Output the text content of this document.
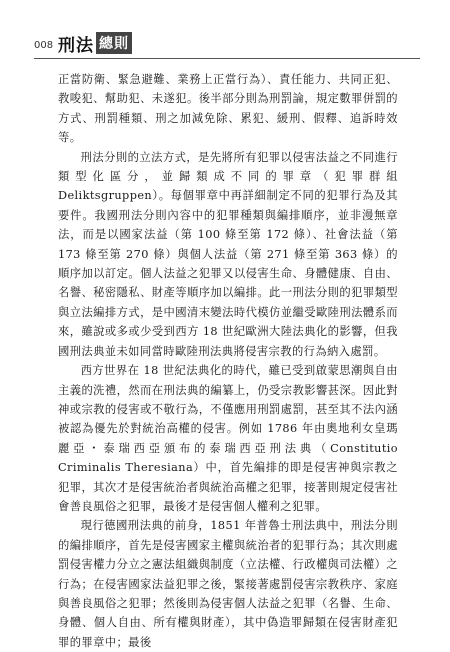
008 刑法 總則

正當防衛、緊急避難、業務上正當行為）、責任能力、共同正犯、教唆犯、幫助犯、未遂犯。後半部分則為刑罰論，規定數罪併罰的方式、刑罰種類、刑之加減免除、累犯、緩刑、假釋、追訴時效等。

刑法分則的立法方式，是先將所有犯罪以侵害法益之不同進行類型化區分，並歸類成不同的罪章（犯罪群組 Deliktsgruppen）。每個罪章中再詳細制定不同的犯罪行為及其要件。我國刑法分則內容中的犯罪種類與編排順序，並非漫無章法，而是以國家法益（第 100 條至第 172 條）、社會法益（第 173 條至第 270 條）與個人法益（第 271 條至第 363 條）的順序加以訂定。個人法益之犯罪又以侵害生命、身體健康、自由、名譽、秘密隱私、財產等順序加以編排。此一刑法分則的犯罪類型與立法編排方式，是中國清末變法時代模仿並繼受歐陸刑法體系而來，雖說或多或少受到西方 18 世紀歐洲大陸法典化的影響，但我國刑法典並未如同當時歐陸刑法典將侵害宗教的行為納入處罰。

西方世界在 18 世紀法典化的時代，雖已受到啟蒙思潮與自由主義的洗禮，然而在刑法典的編纂上，仍受宗教影響甚深。因此對神或宗教的侵害或不敬行為，不僅應用刑罰處罰，甚至其不法內涵被認為優先於對統治高權的侵害。例如 1786 年由奧地利女皇瑪麗亞・泰瑞西亞頒布的泰瑞西亞刑法典（Constitutio Criminalis Theresiana）中，首先編排的即是侵害神與宗教之犯罪，其次才是侵害統治者與統治高權之犯罪，接著則規定侵害社會善良風俗之犯罪，最後才是侵害個人權利之犯罪。

現行德國刑法典的前身，1851 年普魯士刑法典中，刑法分則的編排順序，首先是侵害國家主權與統治者的犯罪行為；其次則處罰侵害權力分立之憲法組織與制度（立法權、行政權與司法權）之行為；在侵害國家法益犯罪之後，緊接著處罰侵害宗教秩序、家庭與善良風俗之犯罪；然後則為侵害個人法益之犯罪（名譽、生命、身體、個人自由、所有權與財產），其中偽造罪歸類在侵害財產犯罪的罪章中；最後
